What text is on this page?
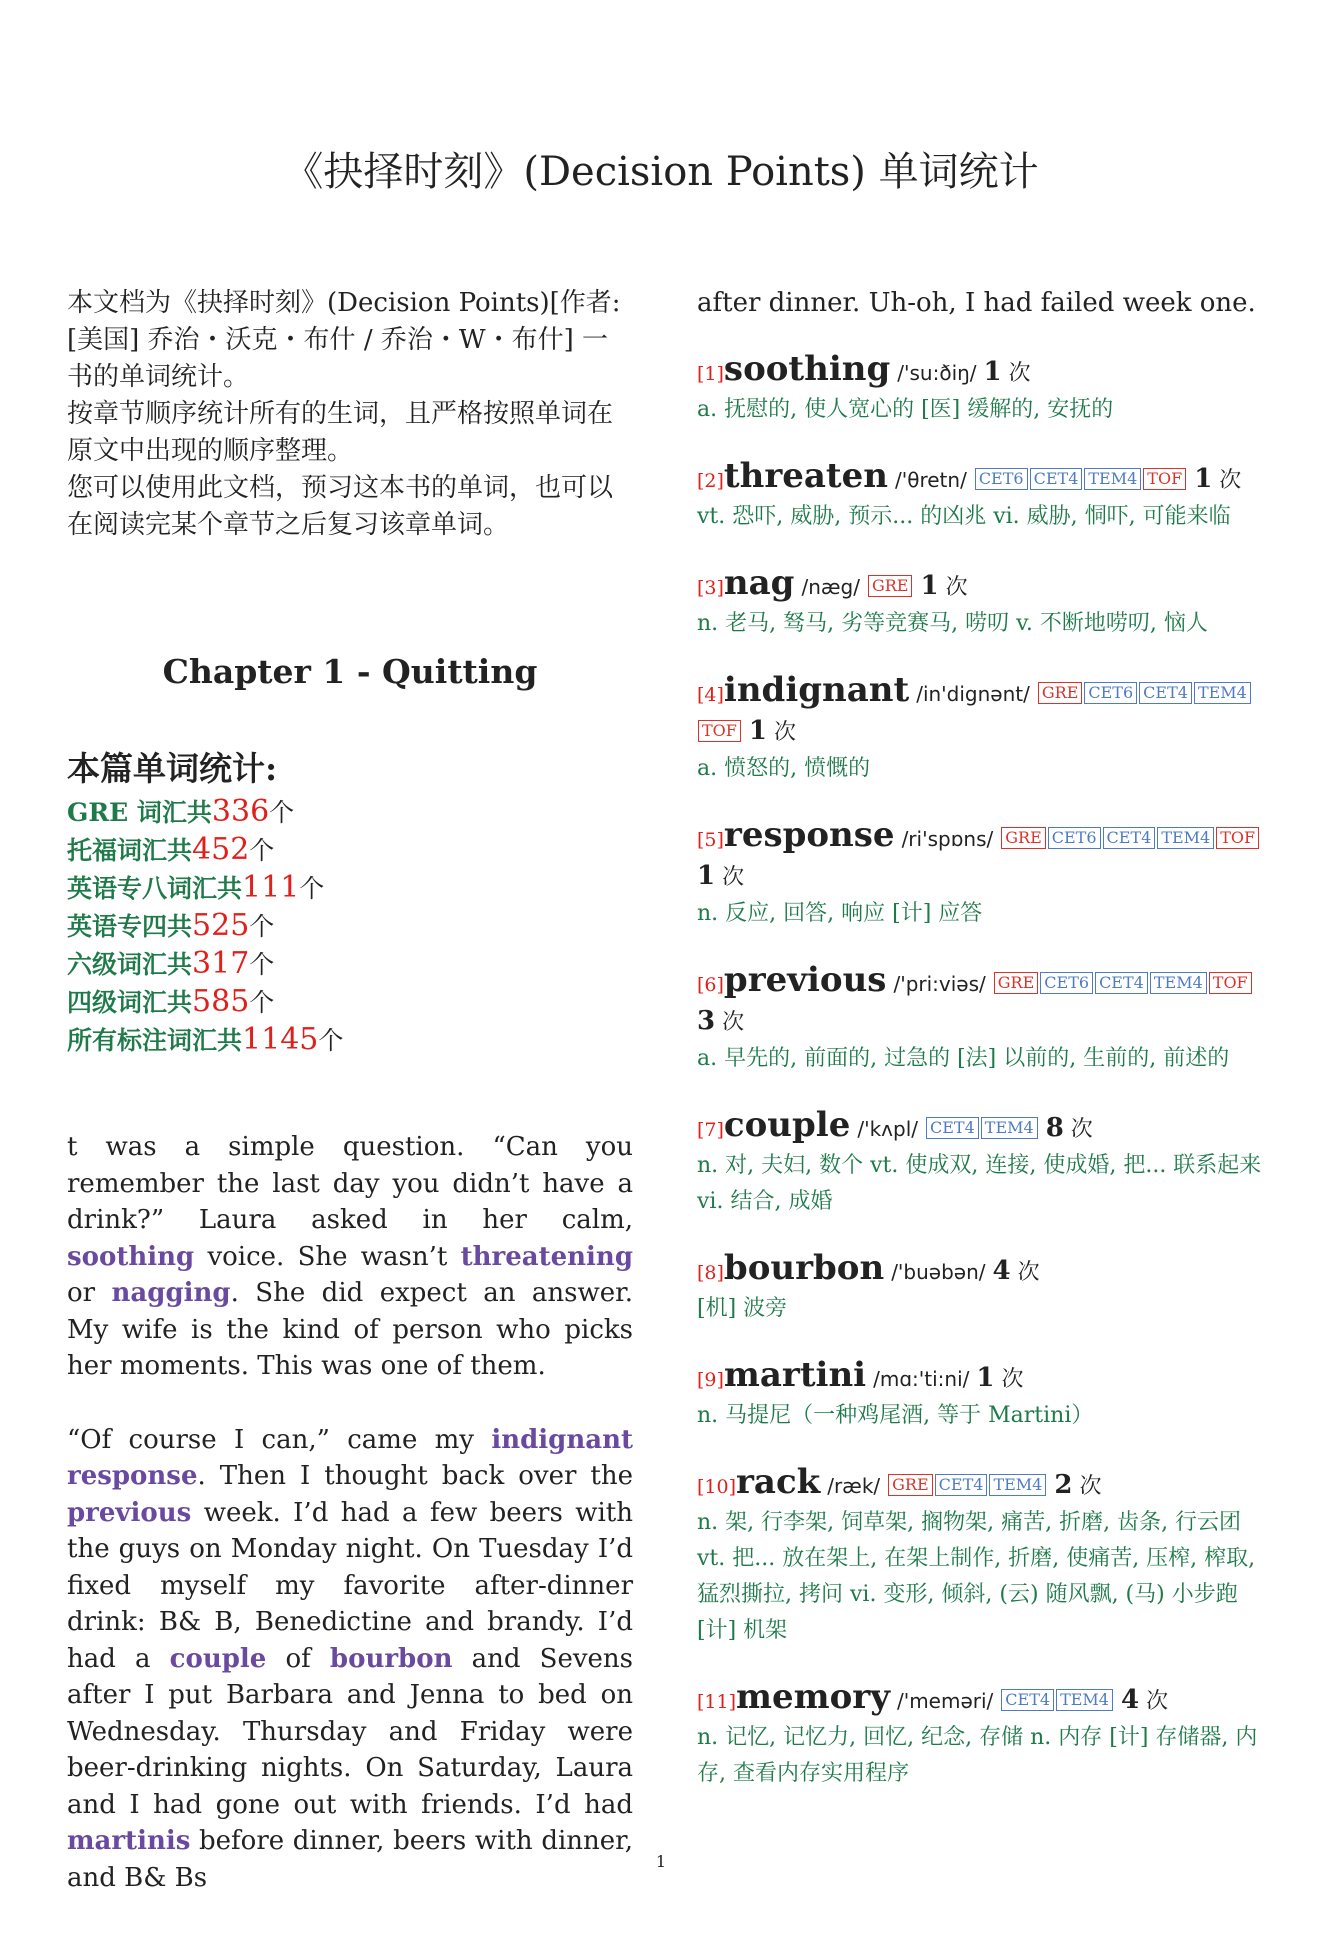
《抉择时刻》(Decision Points) 单词统计

本文档为《抉择时刻》(Decision Points)[作者: [美国] 乔治・沃克・布什 / 乔治・W・布什] 一书的单词统计。

按章节顺序统计所有的生词，且严格按照单词在原文中出现的顺序整理。

您可以使用此文档，预习这本书的单词，也可以在阅读完某个章节之后复习该章单词。

Chapter 1 - Quitting
本篇单词统计:
GRE 词汇共336个
托福词汇共452个
英语专八词汇共111个
英语专四共525个
六级词汇共317个
四级词汇共585个
所有标注词汇共1145个

t was a simple question. “Can you remember the last day you didn’t have a drink?” Laura asked in her calm, soothing voice. She wasn’t threatening or nagging. She did expect an answer. My wife is the kind of person who picks her moments. This was one of them.

“Of course I can,” came my indignant response. Then I thought back over the previous week. I’d had a few beers with the guys on Monday night. On Tuesday I’d fixed myself my favorite after-dinner drink: B& B, Benedictine and brandy. I’d had a couple of bourbon and Sevens after I put Barbara and Jenna to bed on Wednesday. Thursday and Friday were beer-drinking nights. On Saturday, Laura and I had gone out with friends. I’d had martinis before dinner, beers with dinner, and B& Bs

after dinner. Uh-oh, I had failed week one.

[1]soothing /'su:ðiŋ/ 1 次
a. 抚慰的, 使人宽心的 [医] 缓解的, 安抚的
[2]threaten /'θretn/ CET6 CET4 TEM4 TOF 1 次
vt. 恐吓, 威胁, 预示... 的凶兆 vi. 威胁, 恫吓, 可能来临
[3]nag /næg/ GRE 1 次
n. 老马, 驽马, 劣等竞赛马, 唠叨 v. 不断地唠叨, 恼人
[4]indignant /in'dignənt/ GRE CET6 CET4 TEM4TOF 1 次
a. 愤怒的, 愤慨的
[5]response /ri'spɒns/ GRE CET6 CET4 TEM4 TOF 1 次
n. 反应, 回答, 响应 [计] 应答
[6]previous /'pri:viəs/ GRE CET6 CET4 TEM4 TOF 3 次
a. 早先的, 前面的, 过急的 [法] 以前的, 生前的, 前述的
[7]couple /'kʌpl/ CET4 TEM4 8 次
n. 对, 夫妇, 数个 vt. 使成双, 连接, 使成婚, 把... 联系起来 vi. 结合, 成婚
[8]bourbon /'buəbən/ 4 次
[机] 波旁
[9]martini /mɑ:'ti:ni/ 1 次
n. 马提尼（一种鸡尾酒, 等于 Martini）
[10]rack /ræk/ GRE CET4 TEM4 2 次
n. 架, 行李架, 饲草架, 搁物架, 痛苦, 折磨, 齿条, 行云团 vt. 把... 放在架上, 在架上制作, 折磨, 使痛苦, 压榨, 榨取, 猛烈撕拉, 拷问 vi. 变形, 倾斜, (云) 随风飘, (马) 小步跑 [计] 机架
[11]memory /'meməri/ CET4 TEM4 4 次
n. 记忆, 记忆力, 回忆, 纪念, 存储 n. 内存 [计] 存储器, 内存, 查看内存实用程序
1
